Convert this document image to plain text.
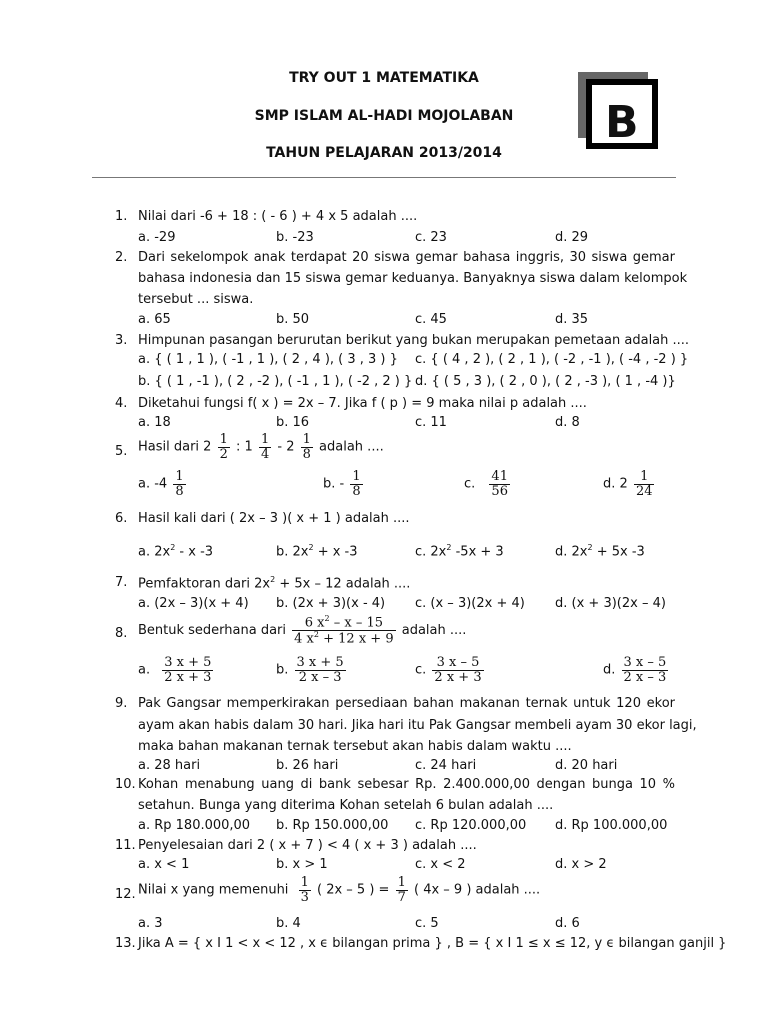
TRY OUT 1 MATEMATIKA
SMP ISLAM AL-HADI MOJOLABAN
TAHUN PELAJARAN 2013/2014
B
1. Nilai dari -6 + 18 : ( - 6 ) + 4 x 5 adalah ....
a. -29	b. -23	c. 23	d. 29
2. Dari sekelompok anak terdapat 20 siswa gemar bahasa inggris, 30 siswa gemar
bahasa indonesia dan 15 siswa gemar keduanya. Banyaknya siswa dalam kelompok
tersebut ... siswa.
a. 65	b. 50	c. 45	d. 35
3. Himpunan pasangan berurutan berikut yang bukan merupakan pemetaan adalah ....
a. { ( 1 , 1 ), ( -1 , 1 ), ( 2 , 4 ), ( 3 , 3 ) } c. { ( 4 , 2 ), ( 2 , 1 ), ( -2 , -1 ), ( -4 , -2 ) }
b. { ( 1 , -1 ), ( 2 , -2 ), ( -1 , 1 ), ( -2 , 2 ) } d. { ( 5 , 3 ), ( 2 , 0 ), ( 2 , -3 ), ( 1 , -4 )}
4. Diketahui fungsi f( x ) = 2x – 7. Jika f ( p ) = 9 maka nilai p adalah ....
a. 18	b. 16	c. 11	d. 8
5. Hasil dari $2 \frac{1}{2}$ : $1 \frac{1}{4} - 2 \frac{1}{8}$ adalah ....
a. $-4 \frac{1}{8}$	b. - $\frac{1}{8}$	c. $\frac{41}{56}$	d. $2 \frac{1}{24}$
6. Hasil kali dari ( 2x – 3 )( x + 1 ) adalah ....
a. $2x^2$ - x -3	b. $2x^2 + x$ -3	c. $2x^2$ -5x + 3	d. $2x^2 + 5x$ -3
7. Pemfaktoran dari $2x^2 + 5x - 12$ adalah ....
a. (2x – 3)(x + 4) b. (2x + 3)(x - 4) c. (x – 3)(2x + 4) d. (x + 3)(2x – 4)
8. Bentuk sederhana dari $\frac{6 x^2 - x - 15}{4 x^2 + 12 x + 9}$ adalah ....
a. $\frac{3 x + 5}{2 x + 3}$	b. $\frac{3 x + 5}{2 x - 3}$	c. $\frac{3 x - 5}{2 x + 3}$	d. $\frac{3 x - 5}{2 x - 3}$
9. Pak Gangsar memperkirakan persediaan bahan makanan ternak untuk 120 ekor
ayam akan habis dalam 30 hari. Jika hari itu Pak Gangsar membeli ayam 30 ekor lagi,
maka bahan makanan ternak tersebut akan habis dalam waktu ....
a. 28 hari	b. 26 hari	c. 24 hari	d. 20 hari
10. Kohan menabung uang di bank sebesar Rp. 2.400.000,00 dengan bunga 10 %
setahun. Bunga yang diterima Kohan setelah 6 bulan adalah ....
a. Rp 180.000,00 b. Rp 150.000,00 c. Rp 120.000,00 d. Rp 100.000,00
11. Penyelesaian dari 2 ( x + 7 ) < 4 ( x + 3 ) adalah ....
a. x < 1	b. x > 1	c. x < 2	d. x > 2
12. Nilai x yang memenuhi $\frac{1}{3}$ ( 2x – 5 ) = $\frac{1}{7}$ ( 4x – 9 ) adalah ....
a. 3	b. 4	c. 5	d. 6
13. Jika A = { x I 1 < x < 12 , x ϵ bilangan prima } , B = { x I 1 ≤ x ≤ 12, y ϵ bilangan ganjil }
